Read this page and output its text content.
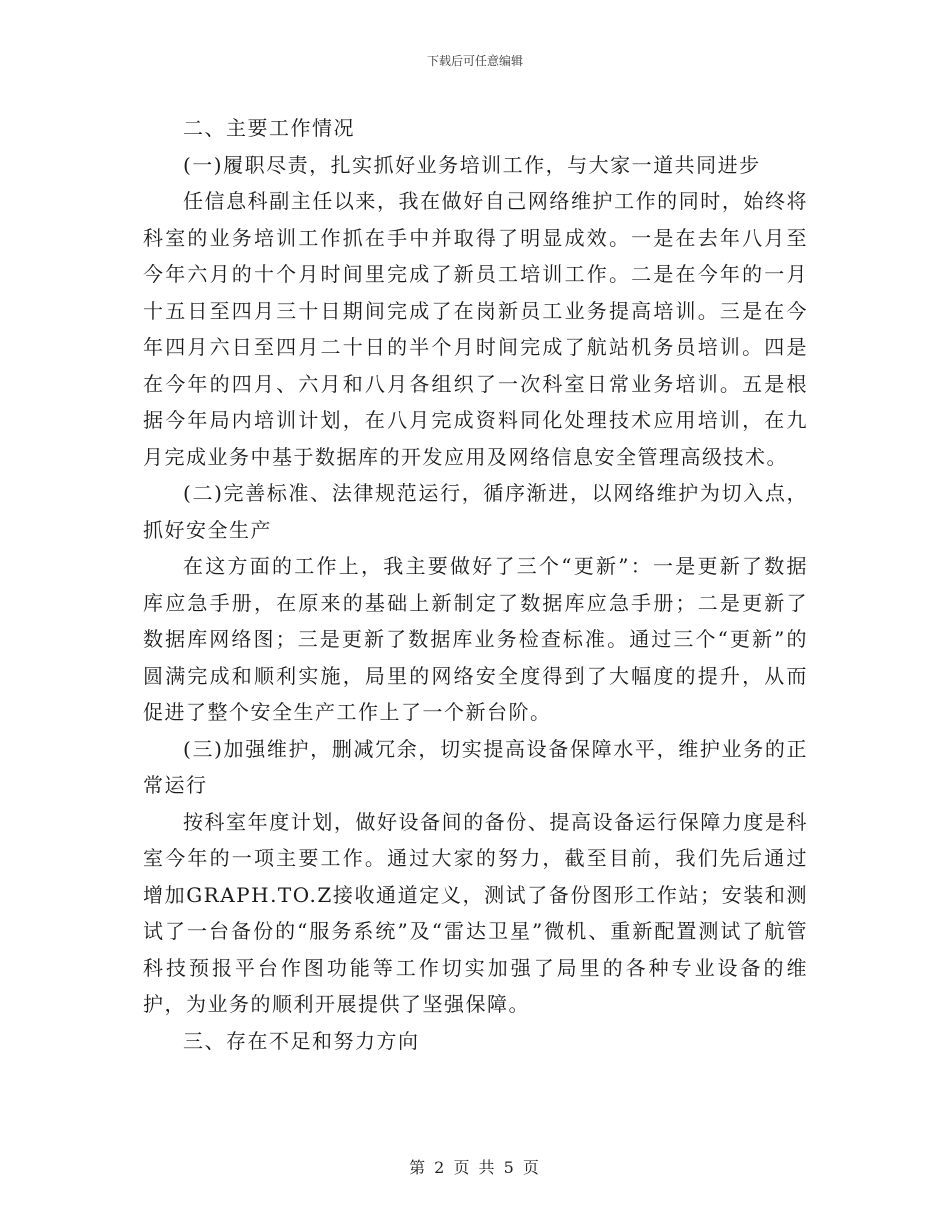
下载后可任意编辑

二、主要工作情况

(一)履职尽责，扎实抓好业务培训工作，与大家一道共同进步

任信息科副主任以来，我在做好自己网络维护工作的同时，始终将科室的业务培训工作抓在手中并取得了明显成效。一是在去年八月至今年六月的十个月时间里完成了新员工培训工作。二是在今年的一月十五日至四月三十日期间完成了在岗新员工业务提高培训。三是在今年四月六日至四月二十日的半个月时间完成了航站机务员培训。四是在今年的四月、六月和八月各组织了一次科室日常业务培训。五是根据今年局内培训计划，在八月完成资料同化处理技术应用培训，在九月完成业务中基于数据库的开发应用及网络信息安全管理高级技术。

(二)完善标准、法律规范运行，循序渐进，以网络维护为切入点，抓好安全生产

在这方面的工作上，我主要做好了三个“更新”：一是更新了数据库应急手册，在原来的基础上新制定了数据库应急手册；二是更新了数据库网络图；三是更新了数据库业务检查标准。通过三个“更新”的圆满完成和顺利实施，局里的网络安全度得到了大幅度的提升，从而促进了整个安全生产工作上了一个新台阶。

(三)加强维护，删减冗余，切实提高设备保障水平，维护业务的正常运行

按科室年度计划，做好设备间的备份、提高设备运行保障力度是科室今年的一项主要工作。通过大家的努力，截至目前，我们先后通过增加GRAPH.TO.Z接收通道定义，测试了备份图形工作站；安装和测试了一台备份的“服务系统”及“雷达卫星”微机、重新配置测试了航管科技预报平台作图功能等工作切实加强了局里的各种专业设备的维护，为业务的顺利开展提供了坚强保障。

三、存在不足和努力方向

第 2 页 共 5 页
